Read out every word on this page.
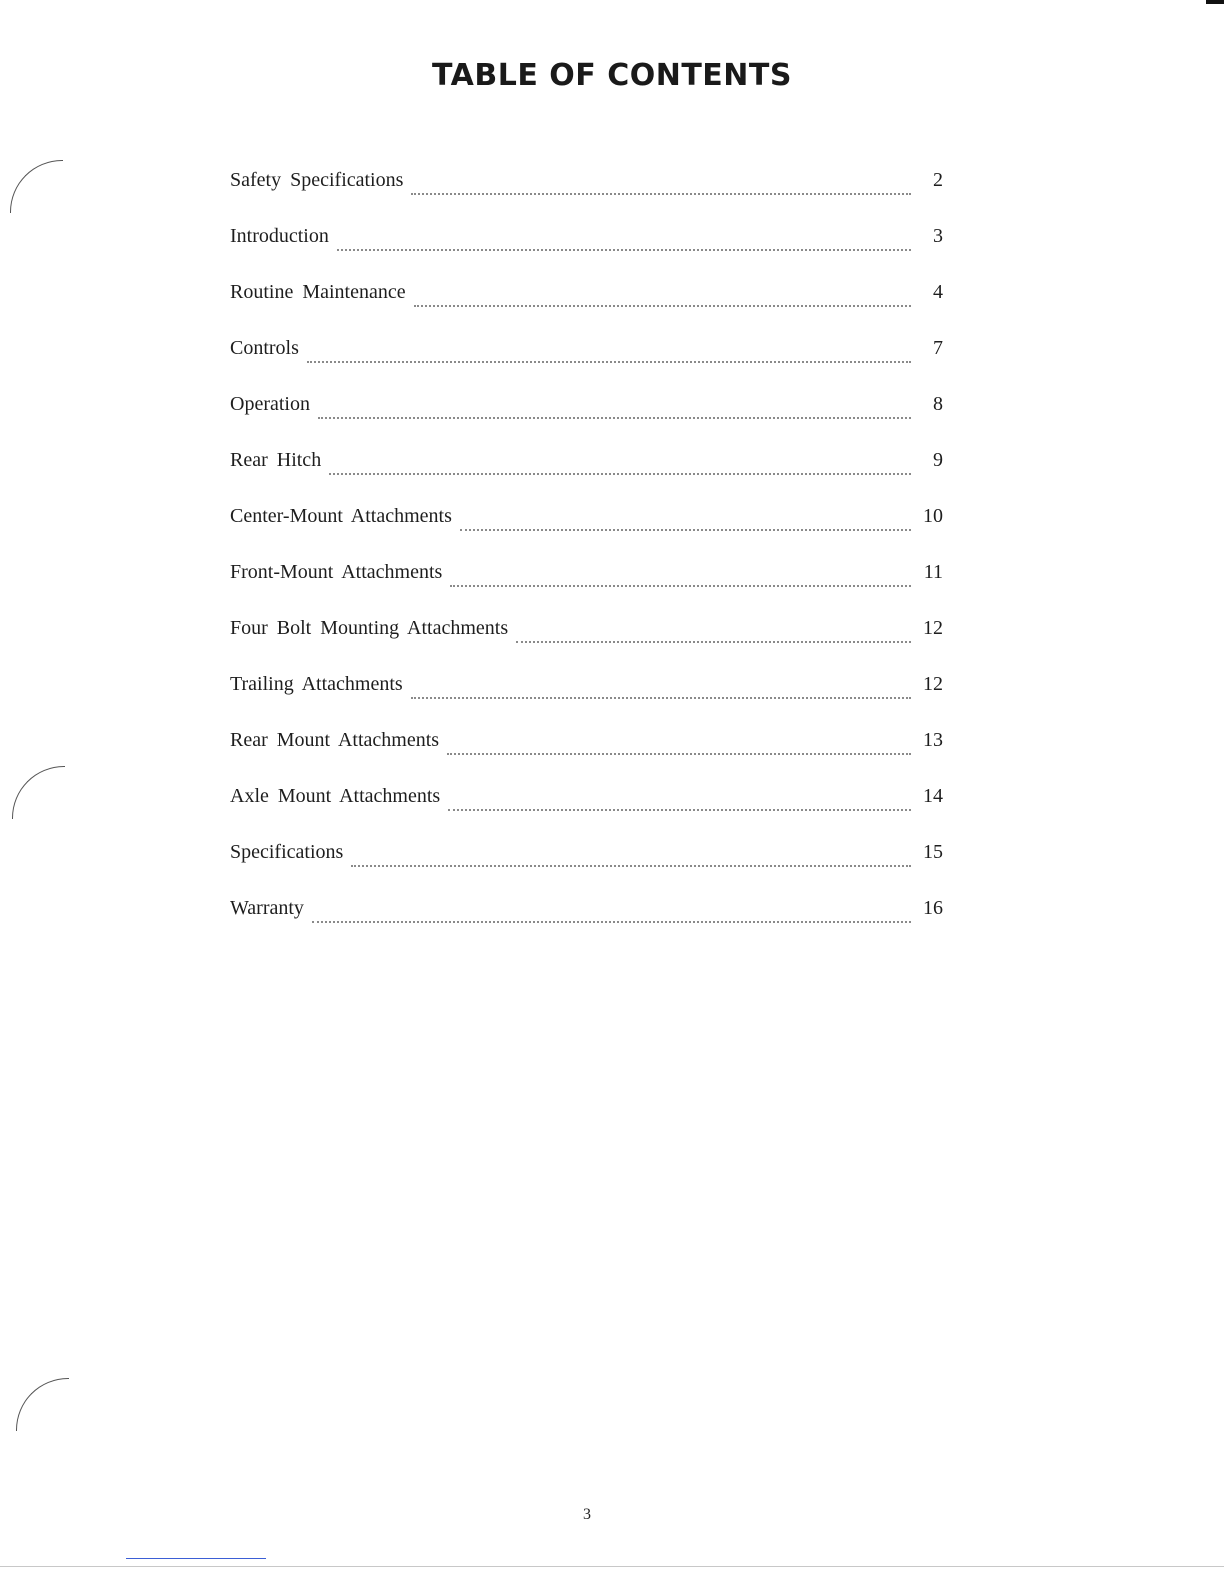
TABLE OF CONTENTS
Safety Specifications	2
Introduction	3
Routine Maintenance	4
Controls	7
Operation	8
Rear Hitch	9
Center-Mount Attachments	10
Front-Mount Attachments	11
Four Bolt Mounting Attachments	12
Trailing Attachments	12
Rear Mount Attachments	13
Axle Mount Attachments	14
Specifications	15
Warranty	16
3
